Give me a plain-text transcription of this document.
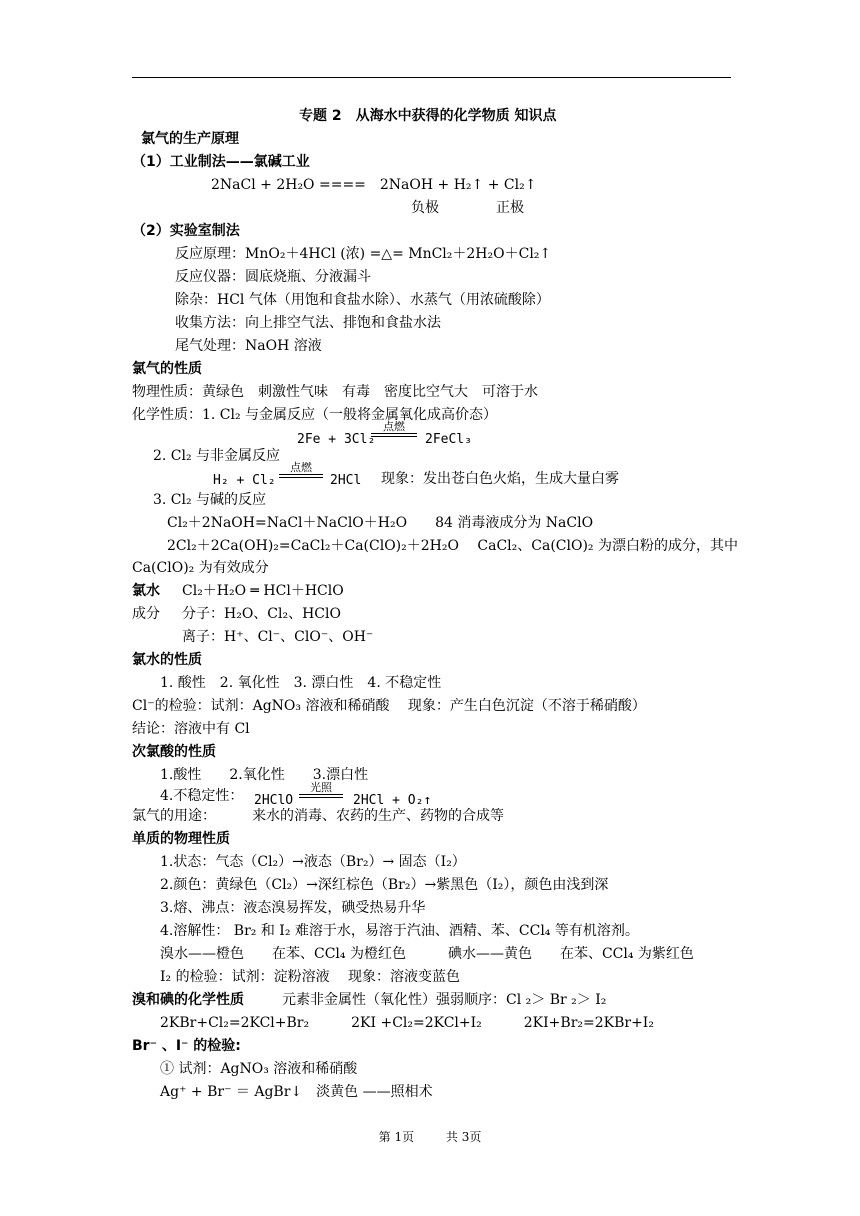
专题 2　从海水中获得的化学物质 知识点
氯气的生产原理
（1）工业制法——氯碱工业
2NaCl + 2H₂O ====　2NaOH + H₂↑ + Cl₂↑
负极	正极
（2）实验室制法
反应原理：MnO₂＋4HCl (浓) =△= MnCl₂＋2H₂O＋Cl₂↑
反应仪器：圆底烧瓶、分液漏斗
除杂：HCl 气体（用饱和食盐水除）、水蒸气（用浓硫酸除）
收集方法：向上排空气法、排饱和食盐水法
尾气处理：NaOH 溶液
氯气的性质
物理性质：黄绿色　刺激性气味　有毒　密度比空气大　可溶于水
化学性质：1. Cl₂ 与金属反应（一般将金属氧化成高价态）
2Fe + 3Cl₂
点燃
2FeCl₃
2. Cl₂ 与非金属反应
H₂ + Cl₂
点燃
2HCl 现象：发出苍白色火焰，生成大量白雾
3. Cl₂ 与碱的反应
Cl₂＋2NaOH=NaCl＋NaClO＋H₂O　　84 消毒液成分为 NaClO
2Cl₂＋2Ca(OH)₂=CaCl₂＋Ca(ClO)₂＋2H₂O　 CaCl₂、Ca(ClO)₂ 为漂白粉的成分，其中
Ca(ClO)₂ 为有效成分
氯水 Cl₂＋H₂O ═ HCl＋HClO
成分 分子：H₂O、Cl₂、HClO
离子：H⁺、Cl⁻、ClO⁻、OH⁻
氯水的性质
1. 酸性　2. 氧化性　3. 漂白性　4. 不稳定性
Cl⁻的检验：试剂：AgNO₃ 溶液和稀硝酸　 现象：产生白色沉淀（不溶于稀硝酸）
结论：溶液中有 Cl
次氯酸的性质
1.酸性　　2.氧化性　　3.漂白性
4.不稳定性： 2HClO
光照
2HCl + O₂↑
氯气的用途：	来水的消毒、农药的生产、药物的合成等
单质的物理性质
1.状态：气态（Cl₂）→液态（Br₂）→ 固态（I₂）
2.颜色：黄绿色（Cl₂）→深红棕色（Br₂）→紫黑色（I₂），颜色由浅到深
3.熔、沸点：液态溴易挥发，碘受热易升华
4.溶解性： Br₂ 和 I₂ 难溶于水，易溶于汽油、酒精、苯、CCl₄ 等有机溶剂。
溴水——橙色　　在苯、CCl₄ 为橙红色　　　碘水——黄色　　在苯、CCl₄ 为紫红色
I₂ 的检验：试剂：淀粉溶液　 现象：溶液变蓝色
溴和碘的化学性质	元素非金属性（氧化性）强弱顺序：Cl ₂＞ Br ₂＞ I₂
2KBr+Cl₂=2KCl+Br₂　　　2KI +Cl₂=2KCl+I₂　　　2KI+Br₂=2KBr+I₂
Br⁻ 、I⁻ 的检验:
① 试剂：AgNO₃ 溶液和稀硝酸
Ag⁺ + Br⁻ ＝ AgBr↓　淡黄色 ——照相术
第 1页	共 3页
